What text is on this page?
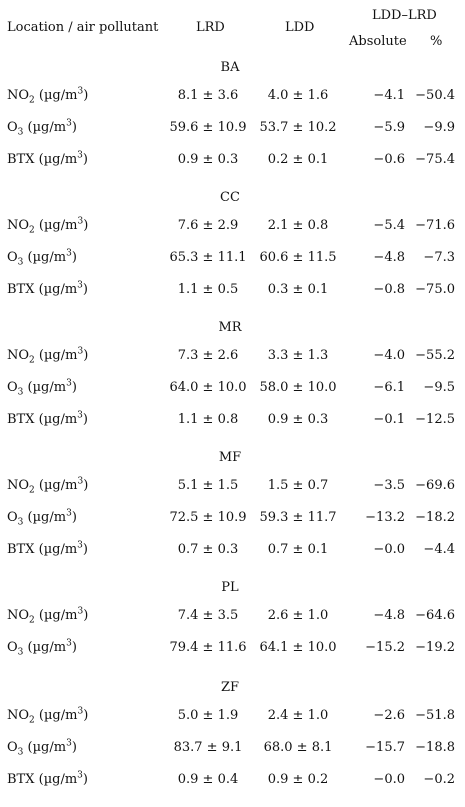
Location / air pollutant	LRD	LDD
LDD–LRD
Absolute %
BA
$NO_2$ $(\mu g/m^3)$	8.1 ± 3.6	4.0 ± 1.6	−4.1 −50.4
$O_3$ $(\mu g/m^3)$	59.6 ± 10.9 53.7 ± 10.2	−5.9	−9.9
BTX $(\mu g/m^3)$	0.9 ± 0.3	0.2 ± 0.1	−0.6 −75.4
CC
$NO_2$ $(\mu g/m^3)$	7.6 ± 2.9	2.1 ± 0.8	−5.4 −71.6
$O_3$ $(\mu g/m^3)$	65.3 ± 11.1 60.6 ± 11.5	−4.8	−7.3
BTX $(\mu g/m^3)$	1.1 ± 0.5	0.3 ± 0.1	−0.8 −75.0
MR
$NO_2$ $(\mu g/m^3)$	7.3 ± 2.6	3.3 ± 1.3	−4.0 −55.2
$O_3$ $(\mu g/m^3)$	64.0 ± 10.0 58.0 ± 10.0	−6.1	−9.5
BTX $(\mu g/m^3)$	1.1 ± 0.8	0.9 ± 0.3	−0.1 −12.5
MF
$NO_2$ $(\mu g/m^3)$	5.1 ± 1.5	1.5 ± 0.7	−3.5 −69.6
$O_3$ $(\mu g/m^3)$	72.5 ± 10.9 59.3 ± 11.7	−13.2 −18.2
BTX $(\mu g/m^3)$	0.7 ± 0.3	0.7 ± 0.1	−0.0	−4.4
PL
$NO_2$ $(\mu g/m^3)$	7.4 ± 3.5	2.6 ± 1.0	−4.8 −64.6
$O_3$ $(\mu g/m^3)$	79.4 ± 11.6 64.1 ± 10.0	−15.2 −19.2
ZF
$NO_2$ $(\mu g/m^3)$	5.0 ± 1.9	2.4 ± 1.0	−2.6 −51.8
$O_3$ $(\mu g/m^3)$	83.7 ± 9.1	68.0 ± 8.1	−15.7 −18.8
BTX $(\mu g/m^3)$	0.9 ± 0.4	0.9 ± 0.2	−0.0	−0.2
